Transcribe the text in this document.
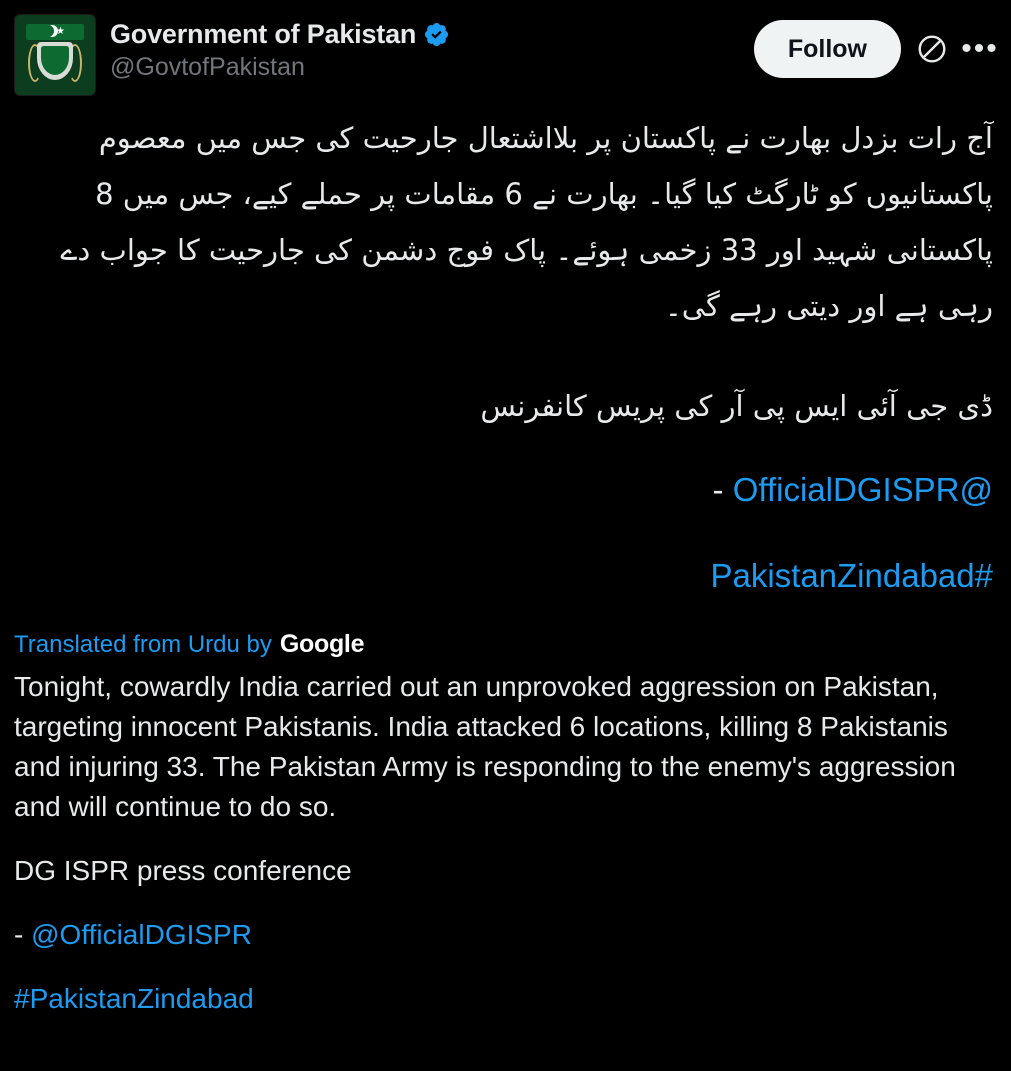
★ Government of Pakistan
@GovtofPakistan
Follow	•••
آج رات بزدل بھارت نے پاکستان پر بلااشتعال جارحیت کی جس میں معصوم پاکستانیوں کو ٹارگٹ کیا گیا۔ بھارت نے 6 مقامات پر حملے کیے، جس میں 8 پاکستانی شہید اور 33 زخمی ہوئے۔ پاک فوج دشمن کی جارحیت کا جواب دے رہی ہے اور دیتی رہے گی۔
ڈی جی آئی ایس پی آر کی پریس کانفرنس
@OfficialDGISPR -
#PakistanZindabad
Translated from Urdu by Google

Tonight, cowardly India carried out an unprovoked aggression on Pakistan, targeting innocent Pakistanis. India attacked 6 locations, killing 8 Pakistanis and injuring 33. The Pakistan Army is responding to the enemy's aggression and will continue to do so.

DG ISPR press conference

- @OfficialDGISPR

#PakistanZindabad
